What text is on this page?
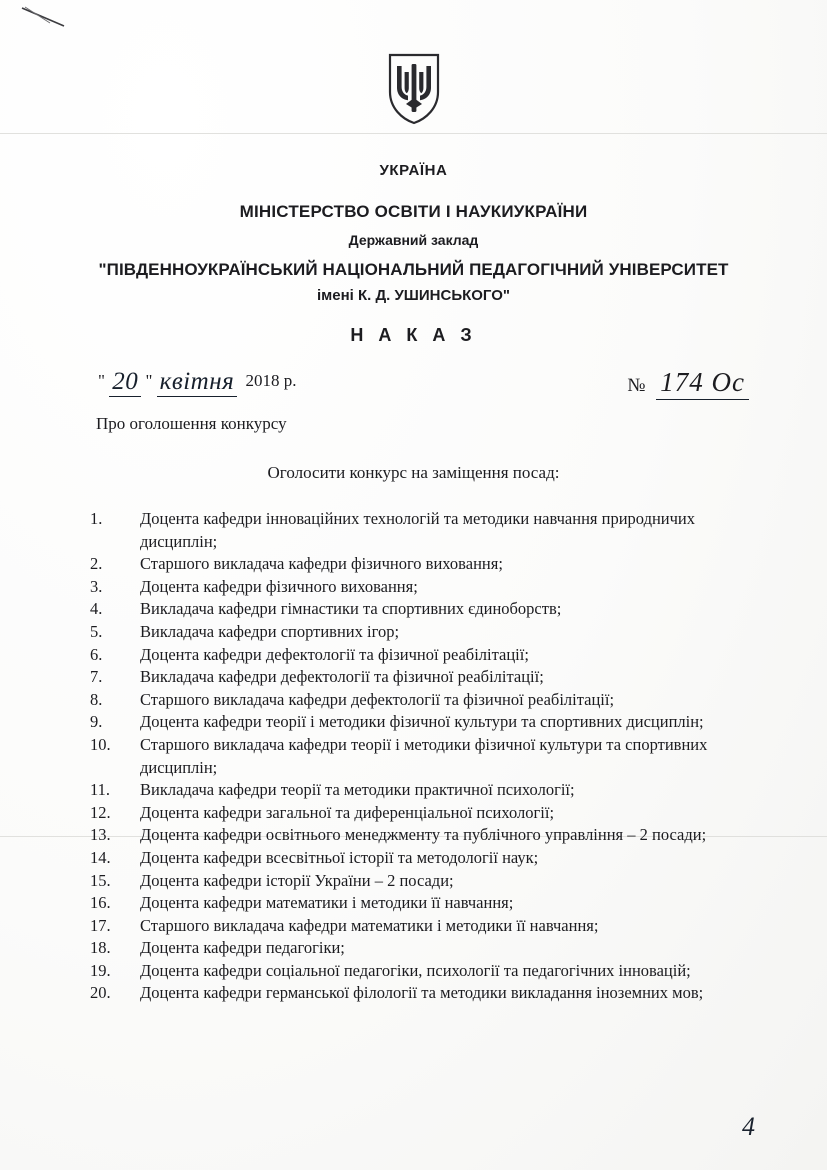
УКРАЇНА
МІНІСТЕРСТВО ОСВІТИ І НАУКИУКРАЇНИ
Державний заклад
"ПІВДЕННОУКРАЇНСЬКИЙ НАЦІОНАЛЬНИЙ ПЕДАГОГІЧНИЙ УНІВЕРСИТЕТ
імені К. Д. УШИНСЬКОГО"
Н А К А З
" 20 " квітня 2018 р.	№ 174 Ос
Про оголошення конкурсу
Оголосити конкурс на заміщення посад:
1. Доцента кафедри інноваційних технологій та методики навчання природничих дисциплін;
2. Старшого викладача кафедри фізичного виховання;
3. Доцента кафедри фізичного виховання;
4. Викладача кафедри гімнастики та спортивних єдиноборств;
5. Викладача кафедри спортивних ігор;
6. Доцента кафедри дефектології та фізичної реабілітації;
7. Викладача кафедри дефектології та фізичної реабілітації;
8. Старшого викладача кафедри дефектології та фізичної реабілітації;
9. Доцента кафедри теорії і методики фізичної культури та спортивних дисциплін;
10. Старшого викладача кафедри теорії і методики фізичної культури та спортивних дисциплін;
11. Викладача кафедри теорії та методики практичної психології;
12. Доцента кафедри загальної та диференціальної психології;
13. Доцента кафедри освітнього менеджменту та публічного управління – 2 посади;
14. Доцента кафедри всесвітньої історії та методології наук;
15. Доцента кафедри історії України – 2 посади;
16. Доцента кафедри математики і методики її навчання;
17. Старшого викладача кафедри математики і методики її навчання;
18. Доцента кафедри педагогіки;
19. Доцента кафедри соціальної педагогіки, психології та педагогічних інновацій;
20. Доцента кафедри германської філології та методики викладання іноземних мов;
4
